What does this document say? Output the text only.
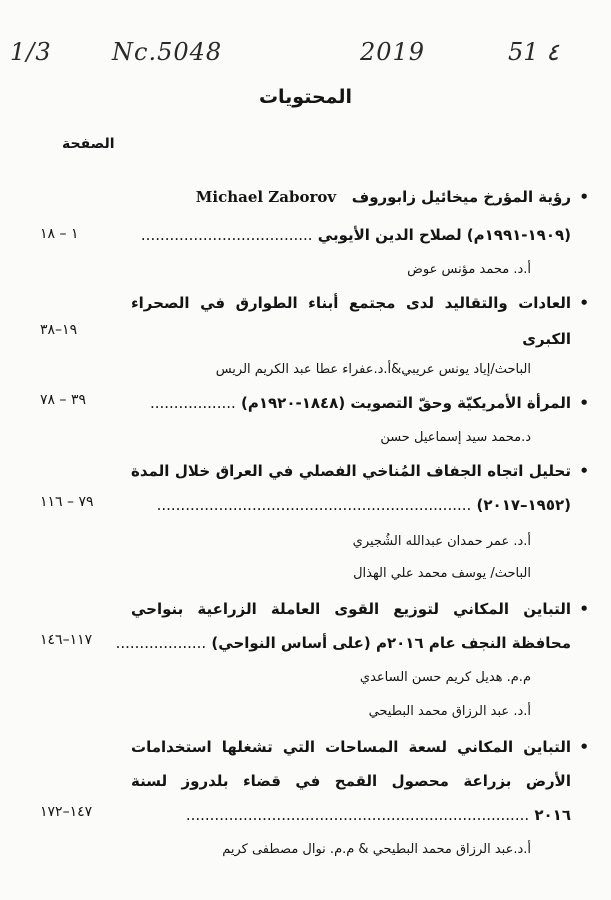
1/3	Nc.5048	2019	51 ٤
المحتويات
الصفحة
• رؤية المؤرخ ميخائيل زابوروف   Michael Zaborov
(١٩٠٩-١٩٩١م) لصلاح الدين الأيوبي ....................................
١ – ١٨
أ.د. محمد مؤنس عوض
• العادات والتقاليد لدى مجتمع أبناء الطوارق في الصحراء
الكبرى
١٩–٣٨
الباحث/إياد يونس عريبي&أ.د.عفراء عطا عبد الكريم الريس
• المرأة الأمريكيّة وحقّ التصويت (١٨٤٨-١٩٢٠م) ..................
٣٩ – ٧٨
د.محمد سيد إسماعيل حسن
• تحليل اتجاه الجفاف المُناخي الفصلي في العراق خلال المدة
(١٩٥٢–٢٠١٧) ..................................................................
٧٩ – ١١٦
أ.د. عمر حمدان عبدالله الشُجيري
الباحث/ يوسف محمد علي الهذال
• التباين المكاني لتوزيع القوى العاملة الزراعية بنواحي
محافظة النجف عام ٢٠١٦م (على أساس النواحي) ...................
١١٧–١٤٦
م.م. هديل كريم حسن الساعدي
أ.د. عبد الرزاق محمد البطيحي
• التباين المكاني لسعة المساحات التي تشغلها استخدامات
الأرض بزراعة محصول القمح في قضاء بلدروز لسنة
٢٠١٦ ........................................................................
١٤٧–١٧٢
أ.د.عبد الرزاق محمد البطيحي & م.م. نوال مصطفى كريم
